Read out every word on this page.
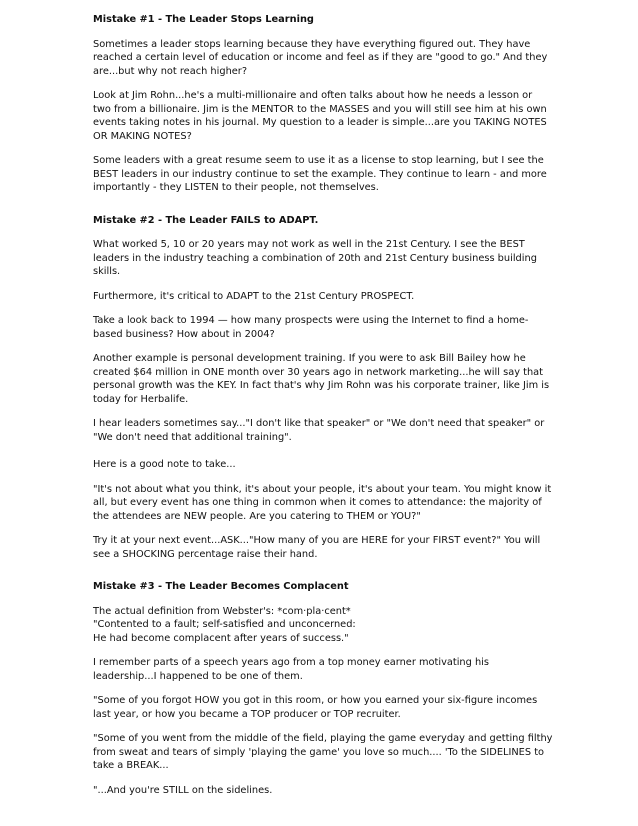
Mistake #1 - The Leader Stops Learning

Sometimes a leader stops learning because they have everything figured out. They have reached a certain level of education or income and feel as if they are "good to go." And they are...but why not reach higher?

Look at Jim Rohn...he's a multi-millionaire and often talks about how he needs a lesson or two from a billionaire. Jim is the MENTOR to the MASSES and you will still see him at his own events taking notes in his journal. My question to a leader is simple...are you TAKING NOTES OR MAKING NOTES?

Some leaders with a great resume seem to use it as a license to stop learning, but I see the BEST leaders in our industry continue to set the example. They continue to learn - and more importantly - they LISTEN to their people, not themselves.

Mistake #2 - The Leader FAILS to ADAPT.

What worked 5, 10 or 20 years may not work as well in the 21st Century. I see the BEST leaders in the industry teaching a combination of 20th and 21st Century business building skills.

Furthermore, it's critical to ADAPT to the 21st Century PROSPECT.

Take a look back to 1994 — how many prospects were using the Internet to find a home-based business? How about in 2004?

Another example is personal development training. If you were to ask Bill Bailey how he created $64 million in ONE month over 30 years ago in network marketing...he will say that personal growth was the KEY. In fact that's why Jim Rohn was his corporate trainer, like Jim is today for Herbalife.

I hear leaders sometimes say..."I don't like that speaker" or "We don't need that speaker" or "We don't need that additional training".

Here is a good note to take...

"It's not about what you think, it's about your people, it's about your team. You might know it all, but every event has one thing in common when it comes to attendance: the majority of the attendees are NEW people. Are you catering to THEM or YOU?"

Try it at your next event...ASK..."How many of you are HERE for your FIRST event?" You will see a SHOCKING percentage raise their hand.

Mistake #3 - The Leader Becomes Complacent

The actual definition from Webster's: *com·pla·cent*
"Contented to a fault; self-satisfied and unconcerned:
He had become complacent after years of success."

I remember parts of a speech years ago from a top money earner motivating his leadership...I happened to be one of them.

"Some of you forgot HOW you got in this room, or how you earned your six-figure incomes last year, or how you became a TOP producer or TOP recruiter.

"Some of you went from the middle of the field, playing the game everyday and getting filthy from sweat and tears of simply 'playing the game' you love so much.... 'To the SIDELINES to take a BREAK...

"...And you're STILL on the sidelines.
